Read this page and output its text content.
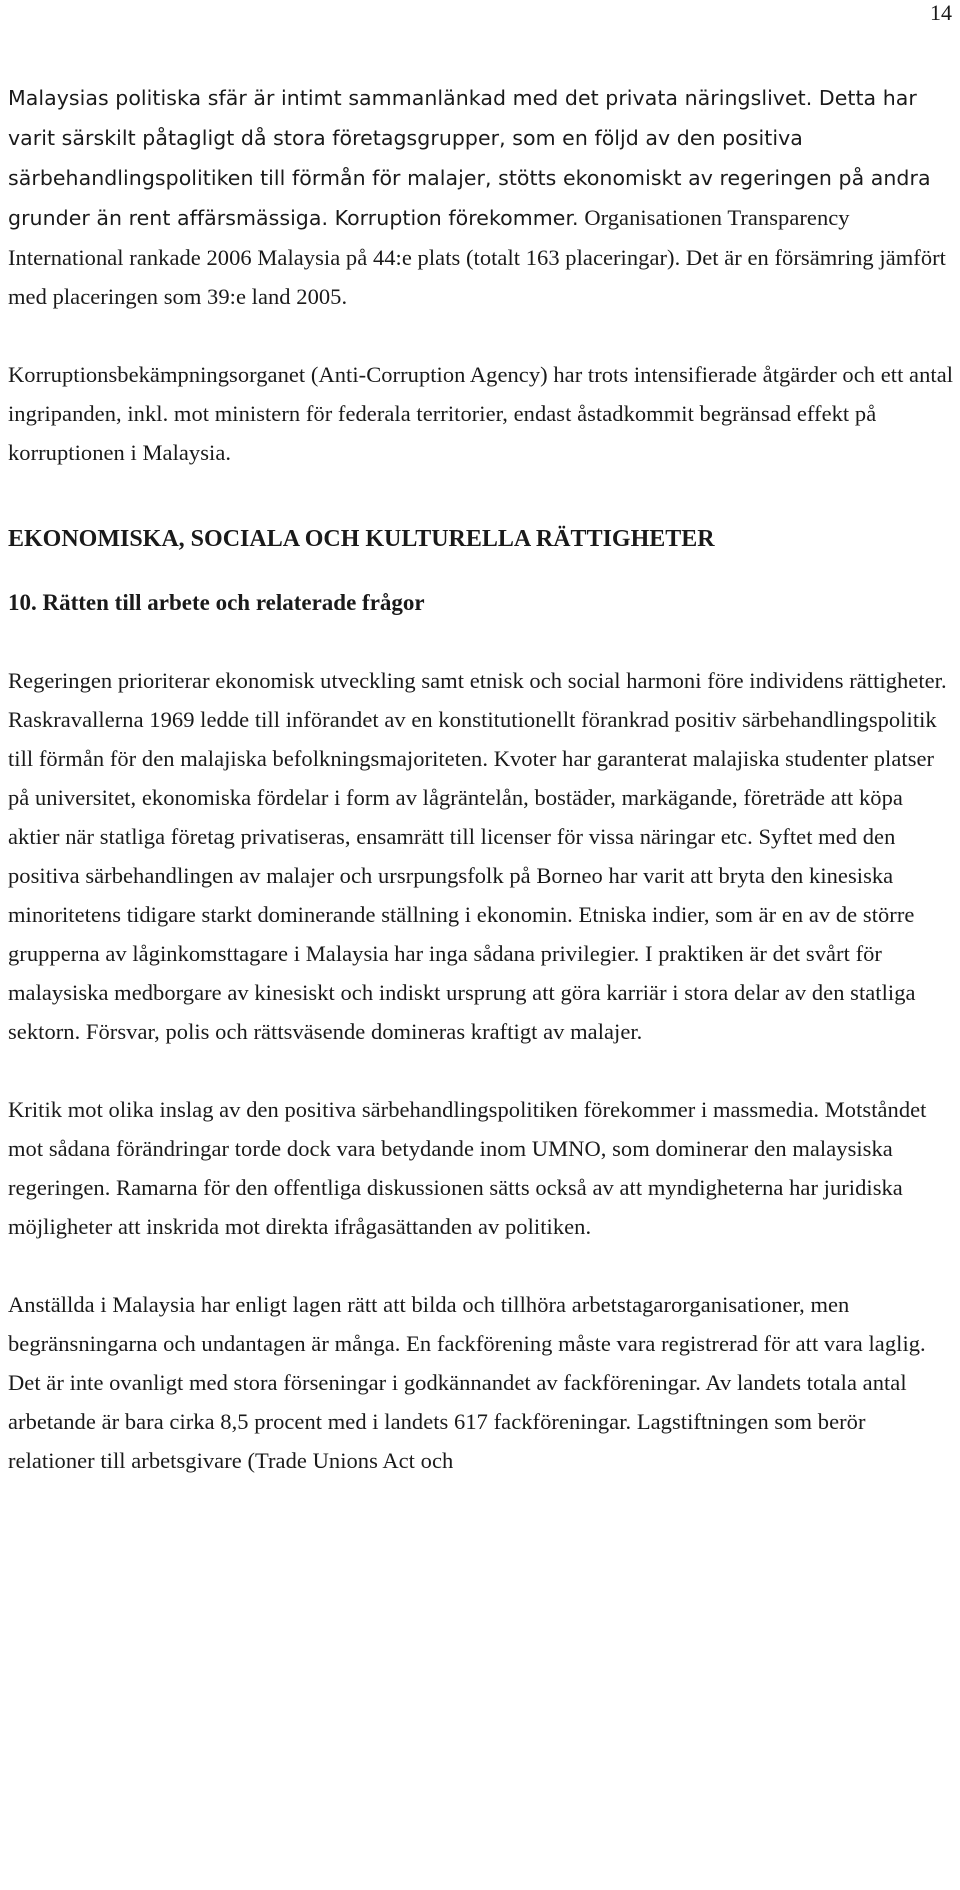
14

Malaysias politiska sfär är intimt sammanlänkad med det privata näringslivet. Detta har varit särskilt påtagligt då stora företagsgrupper, som en följd av den positiva särbehandlingspolitiken till förmån för malajer, stötts ekonomiskt av regeringen på andra grunder än rent affärsmässiga. Korruption förekommer. Organisationen Transparency International rankade 2006 Malaysia på 44:e plats (totalt 163 placeringar). Det är en försämring jämfört med placeringen som 39:e land 2005.

Korruptionsbekämpningsorganet (Anti-Corruption Agency) har trots intensifierade åtgärder och ett antal ingripanden, inkl. mot ministern för federala territorier, endast åstadkommit begränsad effekt på korruptionen i Malaysia.

EKONOMISKA, SOCIALA OCH KULTURELLA RÄTTIGHETER
10. Rätten till arbete och relaterade frågor

Regeringen prioriterar ekonomisk utveckling samt etnisk och social harmoni före individens rättigheter. Raskravallerna 1969 ledde till införandet av en konstitutionellt förankrad positiv särbehandlingspolitik till förmån för den malajiska befolkningsmajoriteten. Kvoter har garanterat malajiska studenter platser på universitet, ekonomiska fördelar i form av lågräntelån, bostäder, markägande, företräde att köpa aktier när statliga företag privatiseras, ensamrätt till licenser för vissa näringar etc. Syftet med den positiva särbehandlingen av malajer och ursrpungsfolk på Borneo har varit att bryta den kinesiska minoritetens tidigare starkt dominerande ställning i ekonomin. Etniska indier, som är en av de större grupperna av låginkomsttagare i Malaysia har inga sådana privilegier. I praktiken är det svårt för malaysiska medborgare av kinesiskt och indiskt ursprung att göra karriär i stora delar av den statliga sektorn. Försvar, polis och rättsväsende domineras kraftigt av malajer.

Kritik mot olika inslag av den positiva särbehandlingspolitiken förekommer i massmedia. Motståndet mot sådana förändringar torde dock vara betydande inom UMNO, som dominerar den malaysiska regeringen. Ramarna för den offentliga diskussionen sätts också av att myndigheterna har juridiska möjligheter att inskrida mot direkta ifrågasättanden av politiken.

Anställda i Malaysia har enligt lagen rätt att bilda och tillhöra arbetstagarorganisationer, men begränsningarna och undantagen är många. En fackförening måste vara registrerad för att vara laglig. Det är inte ovanligt med stora förseningar i godkännandet av fackföreningar. Av landets totala antal arbetande är bara cirka 8,5 procent med i landets 617 fackföreningar. Lagstiftningen som berör relationer till arbetsgivare (Trade Unions Act och
